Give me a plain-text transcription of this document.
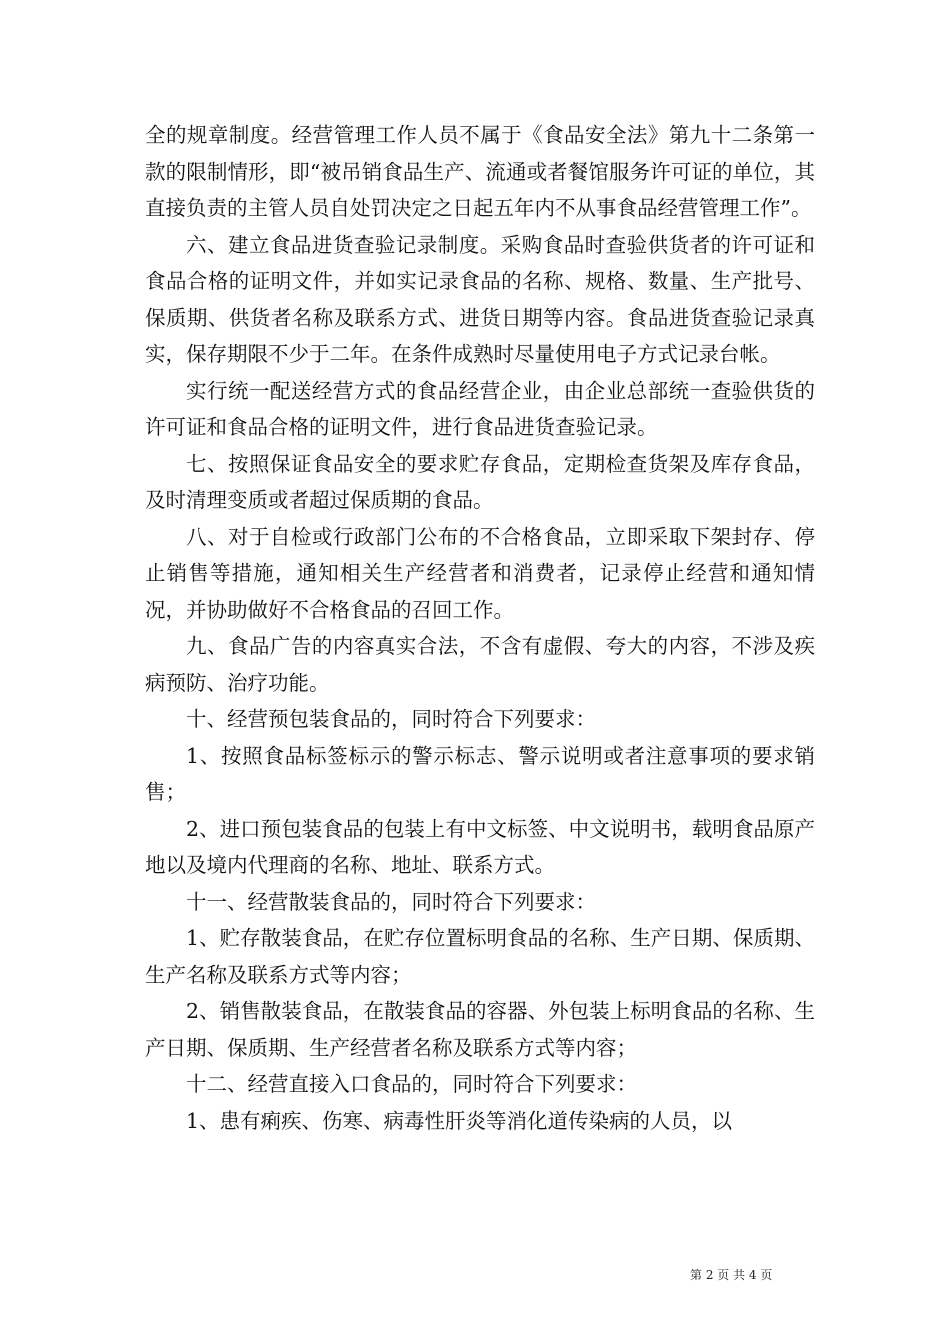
全的规章制度。经营管理工作人员不属于《食品安全法》第九十二条第一款的限制情形，即“被吊销食品生产、流通或者餐馆服务许可证的单位，其直接负责的主管人员自处罚决定之日起五年内不从事食品经营管理工作”。

六、建立食品进货查验记录制度。采购食品时查验供货者的许可证和食品合格的证明文件，并如实记录食品的名称、规格、数量、生产批号、保质期、供货者名称及联系方式、进货日期等内容。食品进货查验记录真实，保存期限不少于二年。在条件成熟时尽量使用电子方式记录台帐。

实行统一配送经营方式的食品经营企业，由企业总部统一查验供货的许可证和食品合格的证明文件，进行食品进货查验记录。

七、按照保证食品安全的要求贮存食品，定期检查货架及库存食品，及时清理变质或者超过保质期的食品。

八、对于自检或行政部门公布的不合格食品，立即采取下架封存、停止销售等措施，通知相关生产经营者和消费者，记录停止经营和通知情况，并协助做好不合格食品的召回工作。

九、食品广告的内容真实合法，不含有虚假、夸大的内容，不涉及疾病预防、治疗功能。

十、经营预包装食品的，同时符合下列要求：

1、按照食品标签标示的警示标志、警示说明或者注意事项的要求销售；

2、进口预包装食品的包装上有中文标签、中文说明书，载明食品原产地以及境内代理商的名称、地址、联系方式。

十一、经营散装食品的，同时符合下列要求：

1、贮存散装食品，在贮存位置标明食品的名称、生产日期、保质期、生产名称及联系方式等内容；

2、销售散装食品，在散装食品的容器、外包装上标明食品的名称、生产日期、保质期、生产经营者名称及联系方式等内容；

十二、经营直接入口食品的，同时符合下列要求：

1、患有痢疾、伤寒、病毒性肝炎等消化道传染病的人员，以

第 2 页 共 4 页
